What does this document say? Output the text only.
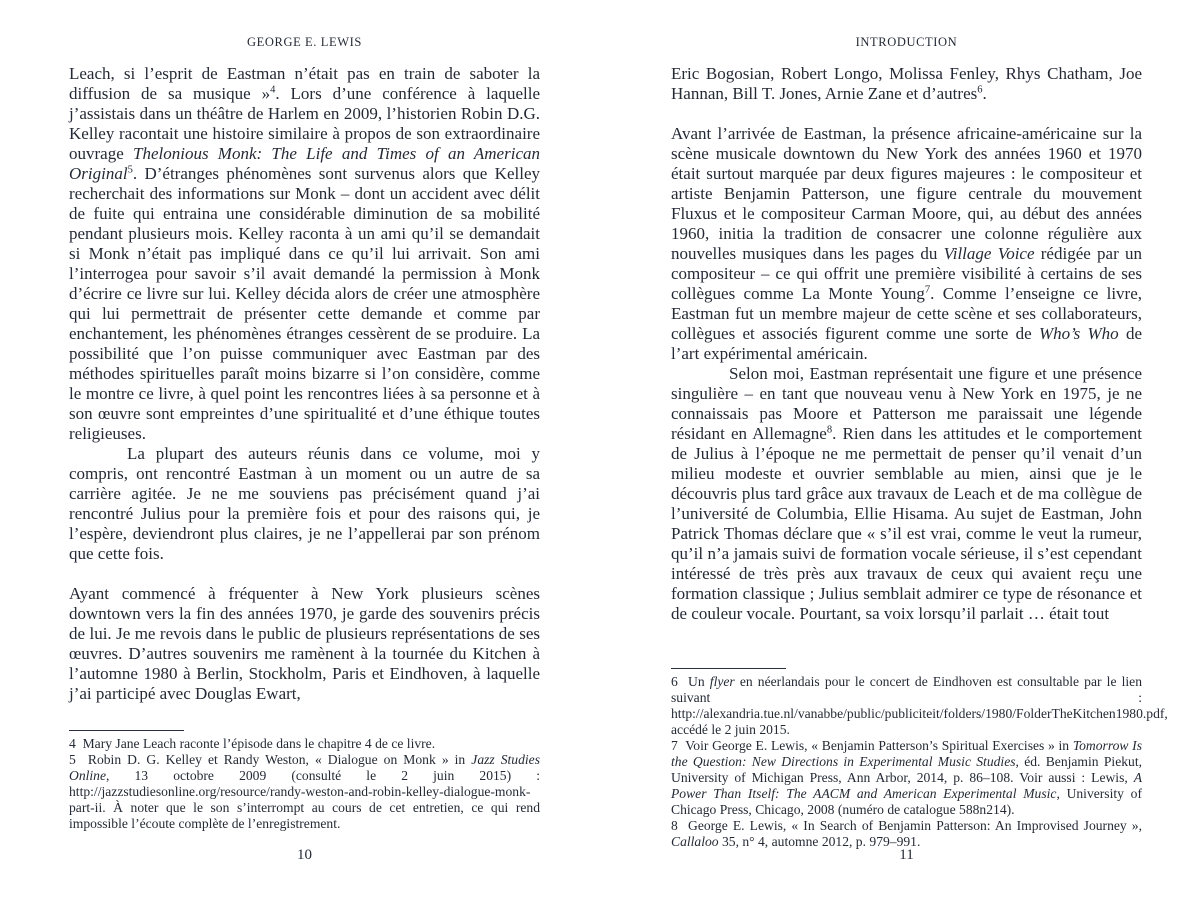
GEORGE E. LEWIS

Leach, si l’esprit de Eastman n’était pas en train de saboter la diffusion de sa musique »$^4$. Lors d’une conférence à laquelle j’assistais dans un théâtre de Harlem en 2009, l’historien Robin D.G. Kelley racontait une histoire similaire à propos de son extraordinaire ouvrage Thelonious Monk: The Life and Times of an American Original$^5$. D’étranges phénomènes sont survenus alors que Kelley recherchait des informations sur Monk – dont un accident avec délit de fuite qui entraina une considérable diminution de sa mobilité pendant plusieurs mois. Kelley raconta à un ami qu’il se demandait si Monk n’était pas impliqué dans ce qu’il lui arrivait. Son ami l’interrogea pour savoir s’il avait demandé la permission à Monk d’écrire ce livre sur lui. Kelley décida alors de créer une atmosphère qui lui permettrait de présenter cette demande et comme par enchantement, les phénomènes étranges cessèrent de se produire. La possibilité que l’on puisse communiquer avec Eastman par des méthodes spirituelles paraît moins bizarre si l’on considère, comme le montre ce livre, à quel point les rencontres liées à sa personne et à son œuvre sont empreintes d’une spiritualité et d’une éthique toutes religieuses.

La plupart des auteurs réunis dans ce volume, moi y compris, ont rencontré Eastman à un moment ou un autre de sa carrière agitée. Je ne me souviens pas précisément quand j’ai rencontré Julius pour la première fois et pour des raisons qui, je l’espère, deviendront plus claires, je ne l’appellerai par son prénom que cette fois.

Ayant commencé à fréquenter à New York plusieurs scènes downtown vers la fin des années 1970, je garde des souvenirs précis de lui. Je me revois dans le public de plusieurs représentations de ses œuvres. D’autres souvenirs me ramènent à la tournée du Kitchen à l’automne 1980 à Berlin, Stockholm, Paris et Eindhoven, à laquelle j’ai participé avec Douglas Ewart,

4  Mary Jane Leach raconte l’épisode dans le chapitre 4 de ce livre.

5  Robin D. G. Kelley et Randy Weston, « Dialogue on Monk » in Jazz Studies Online, 13 octobre 2009 (consulté le 2 juin 2015) : http://jazzstudiesonline.org/resource/randy-weston-and-robin-kelley-dialogue-monk-part-ii. À noter que le son s’interrompt au cours de cet entretien, ce qui rend impossible l’écoute complète de l’enregistrement.

10
INTRODUCTION

Eric Bogosian, Robert Longo, Molissa Fenley, Rhys Chatham, Joe Hannan, Bill T. Jones, Arnie Zane et d’autres$^6$.

Avant l’arrivée de Eastman, la présence africaine-américaine sur la scène musicale downtown du New York des années 1960 et 1970 était surtout marquée par deux figures majeures : le compositeur et artiste Benjamin Patterson, une figure centrale du mouvement Fluxus et le compositeur Carman Moore, qui, au début des années 1960, initia la tradition de consacrer une colonne régulière aux nouvelles musiques dans les pages du Village Voice rédigée par un compositeur – ce qui offrit une première visibilité à certains de ses collègues comme La Monte Young$^7$. Comme l’enseigne ce livre, Eastman fut un membre majeur de cette scène et ses collaborateurs, collègues et associés figurent comme une sorte de Who’s Who de l’art expérimental américain.

Selon moi, Eastman représentait une figure et une présence singulière – en tant que nouveau venu à New York en 1975, je ne connaissais pas Moore et Patterson me paraissait une légende résidant en Allemagne$^8$. Rien dans les attitudes et le comportement de Julius à l’époque ne me permettait de penser qu’il venait d’un milieu modeste et ouvrier semblable au mien, ainsi que je le découvris plus tard grâce aux travaux de Leach et de ma collègue de l’université de Columbia, Ellie Hisama. Au sujet de Eastman, John Patrick Thomas déclare que « s’il est vrai, comme le veut la rumeur, qu’il n’a jamais suivi de formation vocale sérieuse, il s’est cependant intéressé de très près aux travaux de ceux qui avaient reçu une formation classique ; Julius semblait admirer ce type de résonance et de couleur vocale. Pourtant, sa voix lorsqu’il parlait … était tout

6  Un flyer en néerlandais pour le concert de Eindhoven est consultable par le lien suivant : http://alexandria.tue.nl/vanabbe/public/publiciteit/folders/1980/FolderTheKitchen1980.pdf, accédé le 2 juin 2015.

7  Voir George E. Lewis, « Benjamin Patterson’s Spiritual Exercises » in Tomorrow Is the Question: New Directions in Experimental Music Studies, éd. Benjamin Piekut, University of Michigan Press, Ann Arbor, 2014, p. 86–108. Voir aussi : Lewis, A Power Than Itself: The AACM and American Experimental Music, University of Chicago Press, Chicago, 2008 (numéro de catalogue 588n214).

8  George E. Lewis, « In Search of Benjamin Patterson: An Improvised Journey », Callaloo 35, n° 4, automne 2012, p. 979–991.

11
